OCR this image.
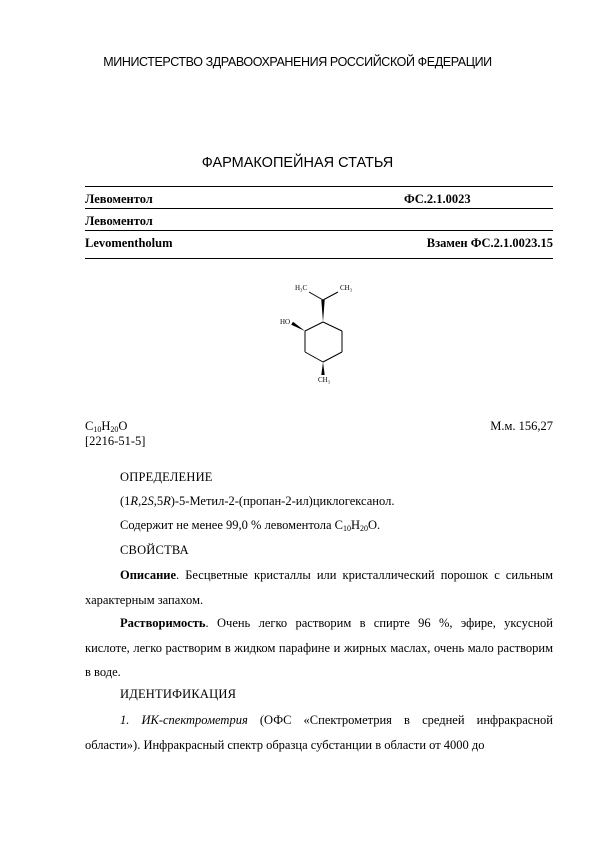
МИНИСТЕРСТВО ЗДРАВООХРАНЕНИЯ РОССИЙСКОЙ ФЕДЕРАЦИИ
ФАРМАКОПЕЙНАЯ СТАТЬЯ
Левоментол	ФС.2.1.0023
Левоментол
Levomentholum	Взамен ФС.2.1.0023.15
H₃C	CH₃
HO
CH₃
$C_{10}H_{20}O$	М.м. 156,27
[2216-51-5]
ОПРЕДЕЛЕНИЕ
(1R,2S,5R)-5-Метил-2-(пропан-2-ил)циклогексанол.
Содержит не менее 99,0 % левоментола $C_{10}H_{20}O$.
СВОЙСТВА
Описание. Бесцветные кристаллы или кристаллический порошок с сильным характерным запахом.
Растворимость. Очень легко растворим в спирте 96 %, эфире, уксусной кислоте, легко растворим в жидком парафине и жирных маслах, очень мало растворим в воде.
ИДЕНТИФИКАЦИЯ
1. ИК-спектрометрия (ОФС «Спектрометрия в средней инфракрасной области»). Инфракрасный спектр образца субстанции в области от 4000 до
